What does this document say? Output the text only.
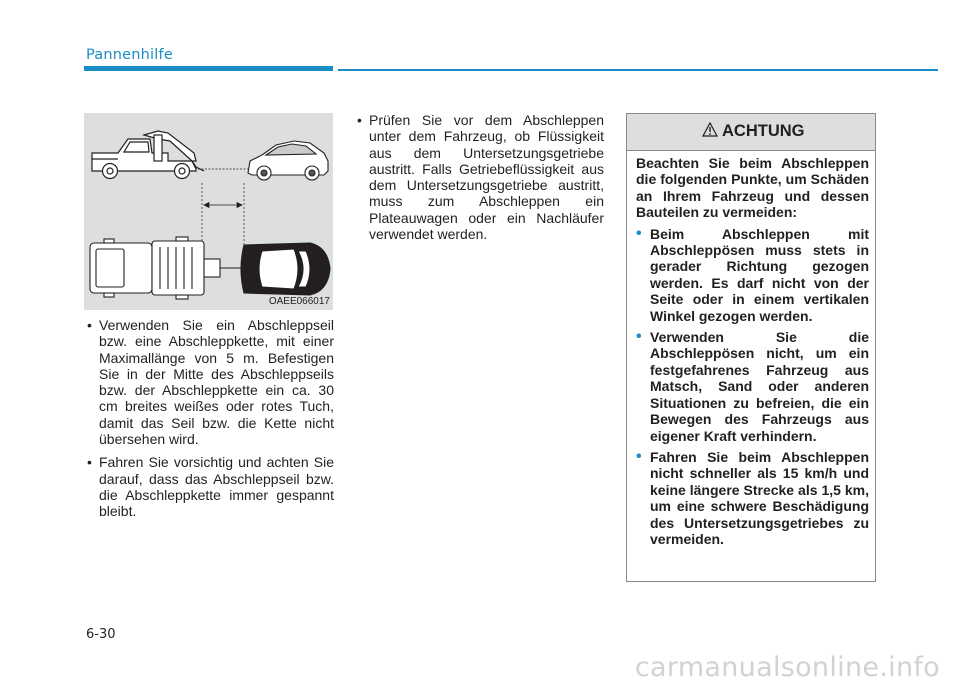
Pannenhilfe
OAEE066017
• Verwenden Sie ein Abschleppseil bzw. eine Abschleppkette, mit einer Maximallänge von 5 m. Befestigen Sie in der Mitte des Abschleppseils bzw. der Abschleppkette ein ca. 30 cm breites weißes oder rotes Tuch, damit das Seil bzw. die Kette nicht übersehen wird.
• Fahren Sie vorsichtig und achten Sie darauf, dass das Abschleppseil bzw. die Abschleppkette immer gespannt bleibt.
• Prüfen Sie vor dem Abschleppen unter dem Fahrzeug, ob Flüssigkeit aus dem Untersetzungsgetriebe austritt. Falls Getriebeflüssigkeit aus dem Untersetzungsgetriebe austritt, muss zum Abschleppen ein Plateauwagen oder ein Nachläufer verwendet werden.
ACHTUNG

Beachten Sie beim Abschleppen die folgenden Punkte, um Schäden an Ihrem Fahrzeug und dessen Bauteilen zu vermeiden:

• Beim Abschleppen mit Abschleppösen muss stets in gerader Richtung gezogen werden. Es darf nicht von der Seite oder in einem vertikalen Winkel gezogen werden.
• Verwenden Sie die Abschleppösen nicht, um ein festgefahrenes Fahrzeug aus Matsch, Sand oder anderen Situationen zu befreien, die ein Bewegen des Fahrzeugs aus eigener Kraft verhindern.
• Fahren Sie beim Abschleppen nicht schneller als 15 km/h und keine längere Strecke als 1,5 km, um eine schwere Beschädigung des Untersetzungsgetriebes zu vermeiden.
6-30
carmanualsonline.info
